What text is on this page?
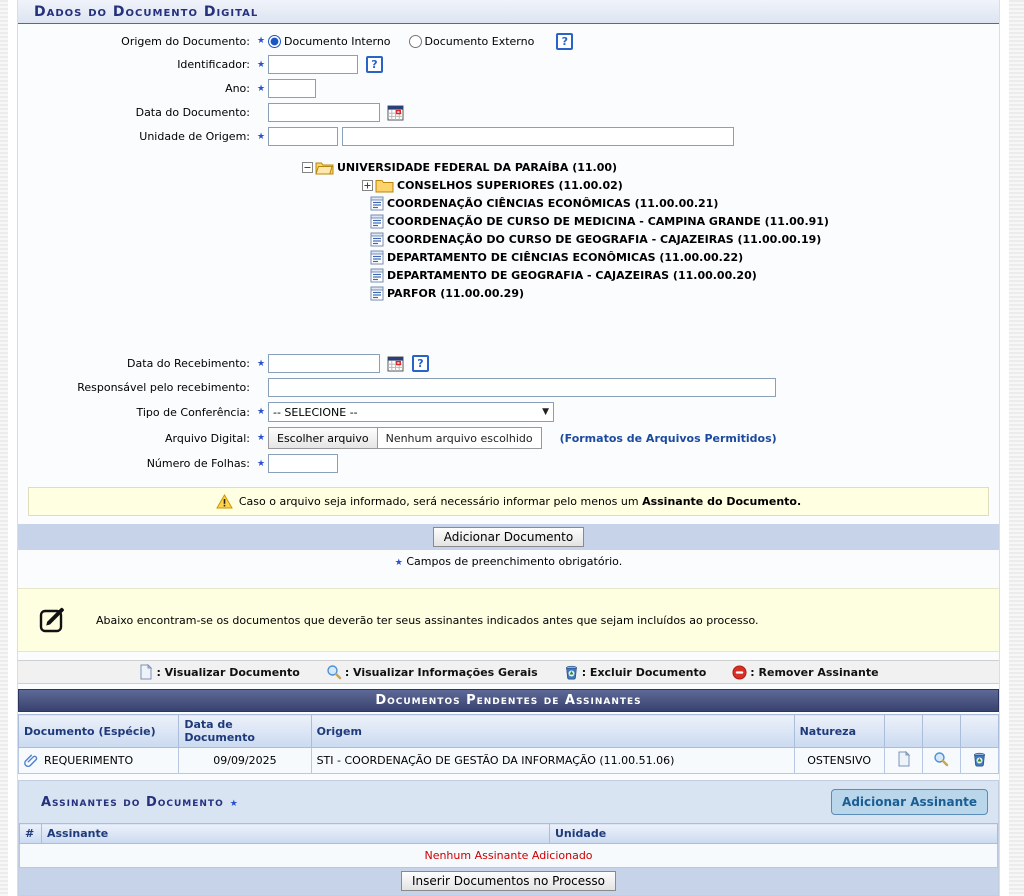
Dados do Documento Digital
Origem do Documento: ★ Documento Interno	Documento Externo	?
Identificador: ★	?
Ano: ★
Data do Documento:
Unidade de Origem: ★
UNIVERSIDADE FEDERAL DA PARAÍBA (11.00)
CONSELHOS SUPERIORES (11.00.02)
COORDENAÇÃO CIÊNCIAS ECONÔMICAS (11.00.00.21)
COORDENAÇÃO DE CURSO DE MEDICINA - CAMPINA GRANDE (11.00.91)
COORDENAÇÃO DO CURSO DE GEOGRAFIA - CAJAZEIRAS (11.00.00.19)
DEPARTAMENTO DE CIÊNCIAS ECONÔMICAS (11.00.00.22)
DEPARTAMENTO DE GEOGRAFIA - CAJAZEIRAS (11.00.00.20)
PARFOR (11.00.00.29)
Data do Recebimento: ★	?
Responsável pelo recebimento:
Tipo de Conferência: ★ -- SELECIONE --	▼
Arquivo Digital: ★	Escolher arquivo	Nenhum arquivo escolhido	(Formatos de Arquivos Permitidos)
Número de Folhas: ★
Caso o arquivo seja informado, será necessário informar pelo menos um Assinante do Documento.
Adicionar Documento
★ Campos de preenchimento obrigatório.
Abaixo encontram-se os documentos que deverão ter seus assinantes indicados antes que sejam incluídos ao processo.
: Visualizar Documento	: Visualizar Informações Gerais	: Excluir Documento	: Remover Assinante
Documentos Pendentes de Assinantes
Documento (Espécie)	Data de Documento	Origem	Natureza			

REQUERIMENTO	09/09/2025	STI - COORDENAÇÃO DE GESTÃO DA INFORMAÇÃO (11.00.51.06)	OSTENSIVO	

Assinantes do Documento ★	Adicionar Assinante
#	Assinante	Unidade
Nenhum Assinante Adicionado
Inserir Documentos no Processo
